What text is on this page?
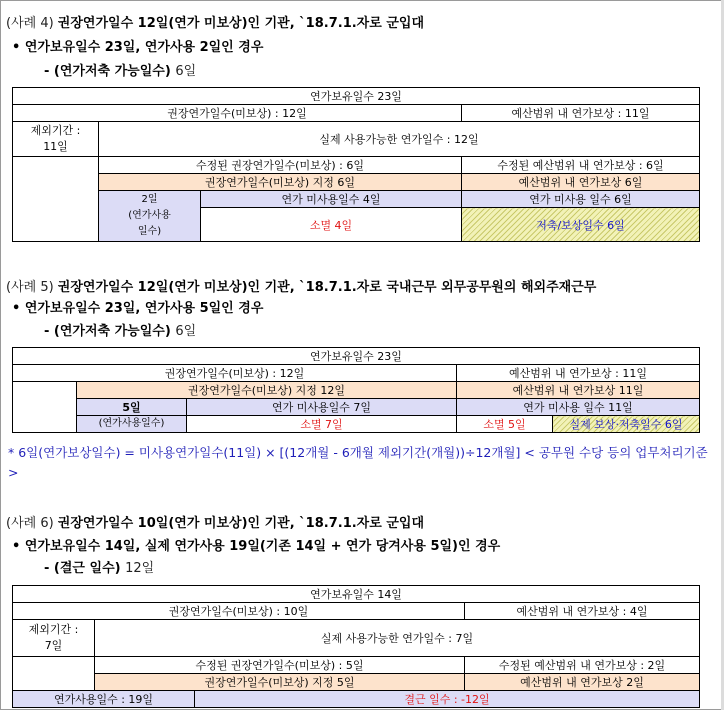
(사례 4) 권장연가일수 12일(연가 미보상)인 기관, `18.7.1.자로 군입대
• 연가보유일수 23일, 연가사용 2일인 경우
- (연가저축 가능일수) 6일
연가보유일수 23일			
권장연가일수(미보상) : 12일			예산범위 내 연가보상 : 11일
제외기간 :
11일	실제 사용가능한 연가일수 : 12일		

	수정된 권장연가일수(미보상) : 6일		수정된 예산범위 내 연가보상 : 6일
	권장연가일수(미보상) 지정 6일		예산범위 내 연가보상 6일
	2일
(연가사용
일수)	연가 미사용일수 4일	연가 미사용 일수 6일
		소멸 4일	저축/보상일수 6일
(사례 5) 권장연가일수 12일(연가 미보상)인 기관, `18.7.1.자로 국내근무 외무공무원의 해외주재근무
• 연가보유일수 23일, 연가사용 5일인 경우
- (연가저축 가능일수) 6일
연가보유일수 23일				
권장연가일수(미보상) : 12일			예산범위 내 연가보상 : 11일	
	권장연가일수(미보상) 지정 12일		예산범위 내 연가보상 11일	
	5일	연가 미사용일수 7일	연가 미사용 일수 11일	
	(연가사용일수)	소멸 7일	소멸 5일	실제 보상·저축일수 6일
* 6일(연가보상일수) = 미사용연가일수(11일) × [(12개월 - 6개월 제외기간(개월))÷12개월] < 공무원 수당 등의 업무처리기준 >
(사례 6) 권장연가일수 10일(연가 미보상)인 기관, `18.7.1.자로 군입대
• 연가보유일수 14일, 실제 연가사용 19일(기존 14일 + 연가 당겨사용 5일)인 경우
- (결근 일수) 12일
연가보유일수 14일			
권장연가일수(미보상) : 10일			예산범위 내 연가보상 : 4일
제외기간 :
7일	실제 사용가능한 연가일수 : 7일		

	수정된 권장연가일수(미보상) : 5일		수정된 예산범위 내 연가보상 : 2일
	권장연가일수(미보상) 지정 5일		예산범위 내 연가보상 2일
연가사용일수 : 19일		결근 일수 : -12일	
